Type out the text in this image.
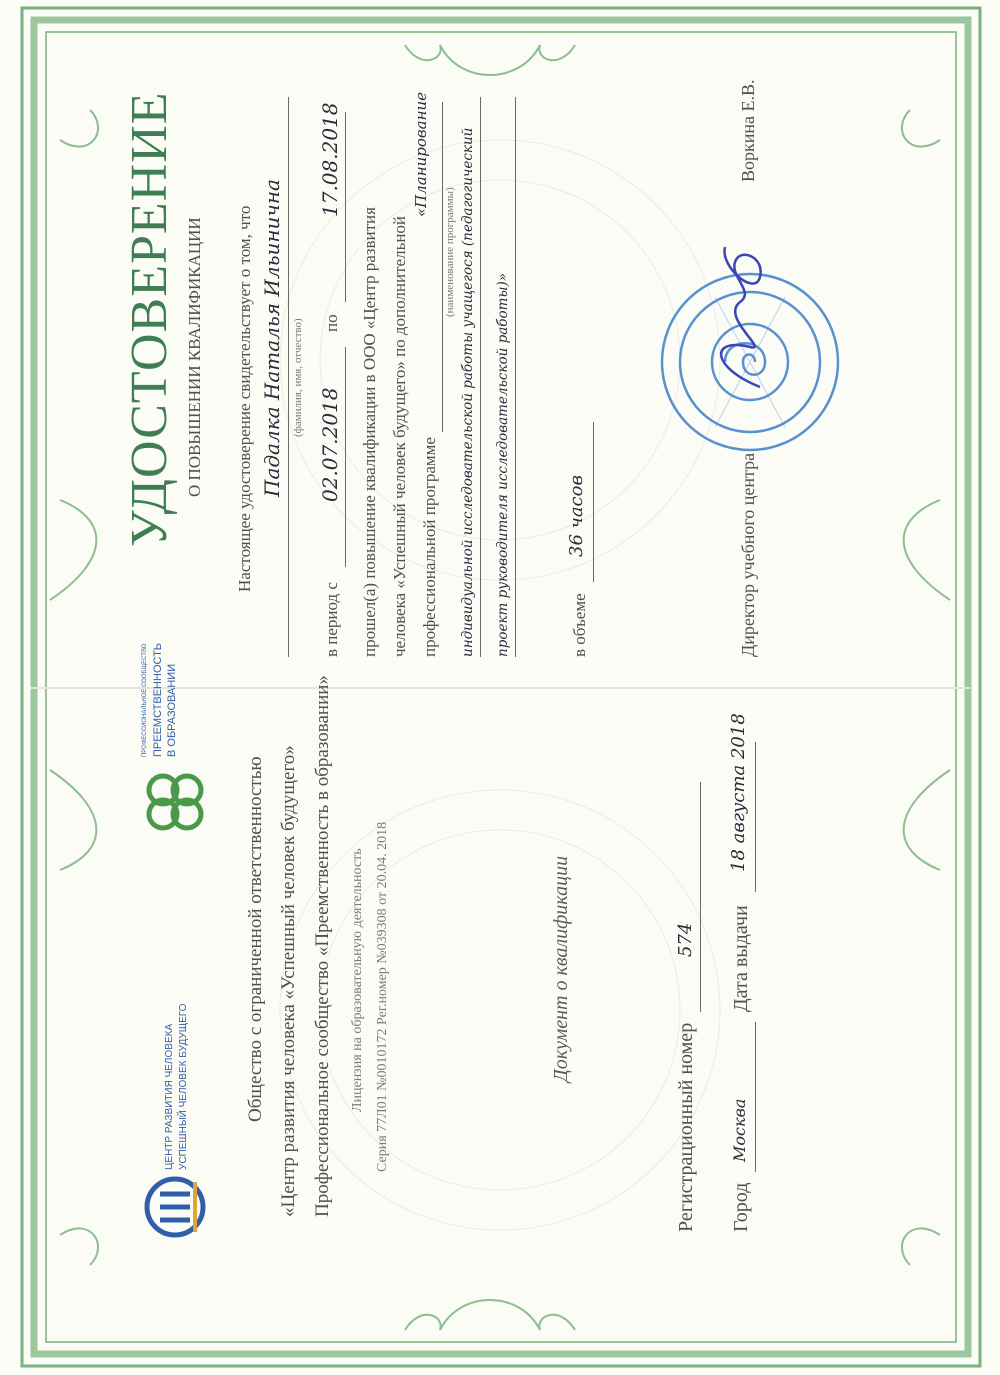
ЦЕНТР РАЗВИТИЯ ЧЕЛОВЕКА УСПЕШНЫЙ ЧЕЛОВЕК БУДУЩЕГО
ПРОФЕССИОНАЛЬНОЕ СООБЩЕСТВО ПРЕЕМСТВЕННОСТЬ В ОБРАЗОВАНИИ
Общество с ограниченной ответственностью «Центр развития человека «Успешный человек будущего» Профессиональное сообщество «Преемственность в образовании» Лицензия на образовательную деятельность Серия 77Л01 №0010172 Рег.номер №039308 от 20.04. 2018	Документ о квалификации
Регистрационный номер
574
Город
Москва
Дата выдачи
18 августа 2018
УДОСТОВЕРЕНИЕ О ПОВЫШЕНИИ КВАЛИФИКАЦИИ Настоящее удостоверение свидетельствует о том, что Падалка Наталья Ильинична (фамилия, имя, отчество)
в период с
02.07.2018
по
17.08.2018
прошел(а) повышение квалификации в ООО «Центр развития человека «Успешный человек будущего» по дополнительной профессиональной программе
«Планирование
(наименование программы) индивидуальной исследовательской работы учащегося (педагогический проект руководителя исследовательской работы)»	в объеме
36 часов	Директор учебного центра
Воркина Е.В.
